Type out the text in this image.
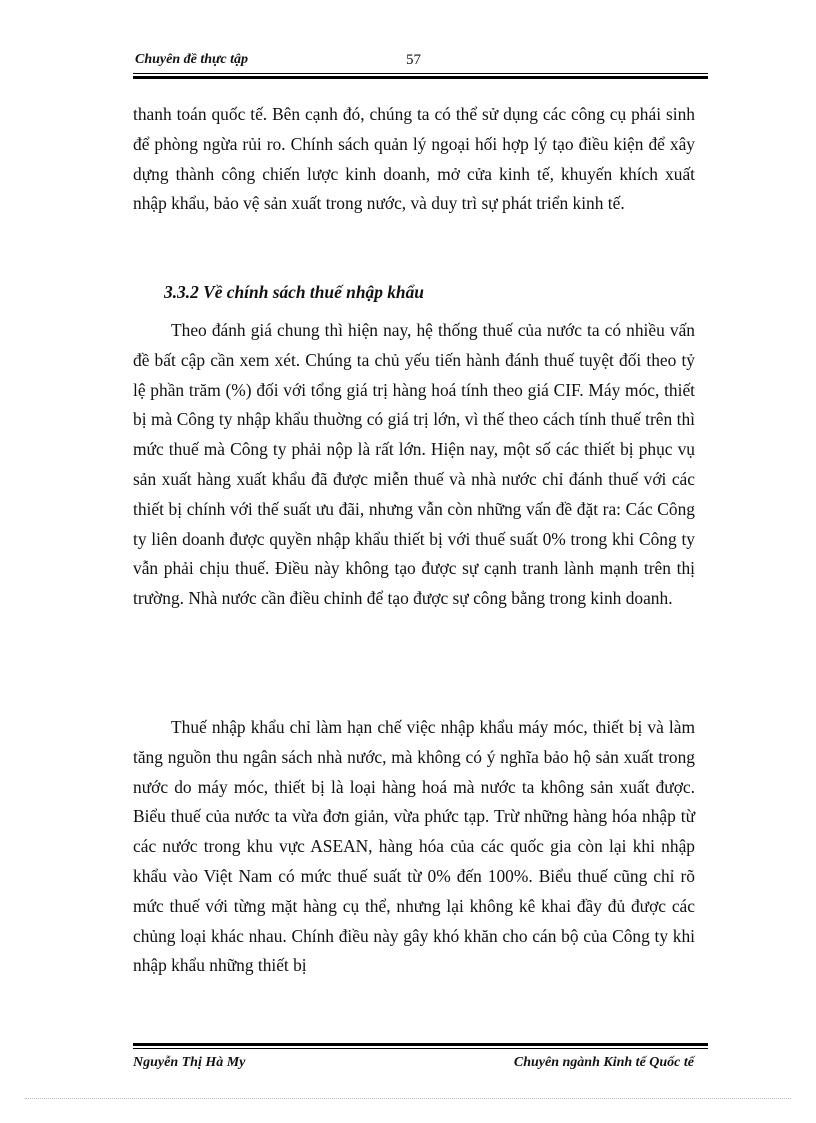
Chuyên đề thực tập	57

thanh toán quốc tế. Bên cạnh đó, chúng ta có thể sử dụng các công cụ phái sinh để phòng ngừa rủi ro. Chính sách quản lý ngoại hối hợp lý tạo điều kiện để xây dựng thành công chiến lược kinh doanh, mở cửa kinh tế, khuyến khích xuất nhập khẩu, bảo vệ sản xuất trong nước, và duy trì sự phát triển kinh tế.

3.3.2 Về chính sách thuế nhập khẩu

Theo đánh giá chung thì hiện nay, hệ thống thuế của nước ta có nhiều vấn đề bất cập cần xem xét. Chúng ta chủ yếu tiến hành đánh thuế tuyệt đối theo tỷ lệ phần trăm (%) đối với tổng giá trị hàng hoá tính theo giá CIF. Máy móc, thiết bị mà Công ty nhập khẩu thuờng có giá trị lớn, vì thế theo cách tính thuế trên thì mức thuế mà Công ty phải nộp là rất lớn. Hiện nay, một số các thiết bị phục vụ sản xuất hàng xuất khẩu đã được miễn thuế và nhà nước chỉ đánh thuế với các thiết bị chính với thế suất ưu đãi, nhưng vẫn còn những vấn đề đặt ra: Các Công ty liên doanh được quyền nhập khẩu thiết bị với thuế suất 0% trong khi Công ty vẫn phải chịu thuế. Điều này không tạo được sự cạnh tranh lành mạnh trên thị trường. Nhà nước cần điều chỉnh để tạo được sự công bằng trong kinh doanh.

Thuế nhập khẩu chỉ làm hạn chế việc nhập khẩu máy móc, thiết bị và làm tăng nguồn thu ngân sách nhà nước, mà không có ý nghĩa bảo hộ sản xuất trong nước do máy móc, thiết bị là loại hàng hoá mà nước ta không sản xuất được. Biểu thuế của nước ta vừa đơn giản, vừa phức tạp. Trừ những hàng hóa nhập từ các nước trong khu vực ASEAN, hàng hóa của các quốc gia còn lại khi nhập khẩu vào Việt Nam có mức thuế suất từ 0% đến 100%. Biểu thuế cũng chỉ rõ mức thuế với từng mặt hàng cụ thể, nhưng lại không kê khai đầy đủ được các chủng loại khác nhau. Chính điều này gây khó khăn cho cán bộ của Công ty khi nhập khẩu những thiết bị

Nguyễn Thị Hà My	Chuyên ngành Kinh tế Quốc tế
